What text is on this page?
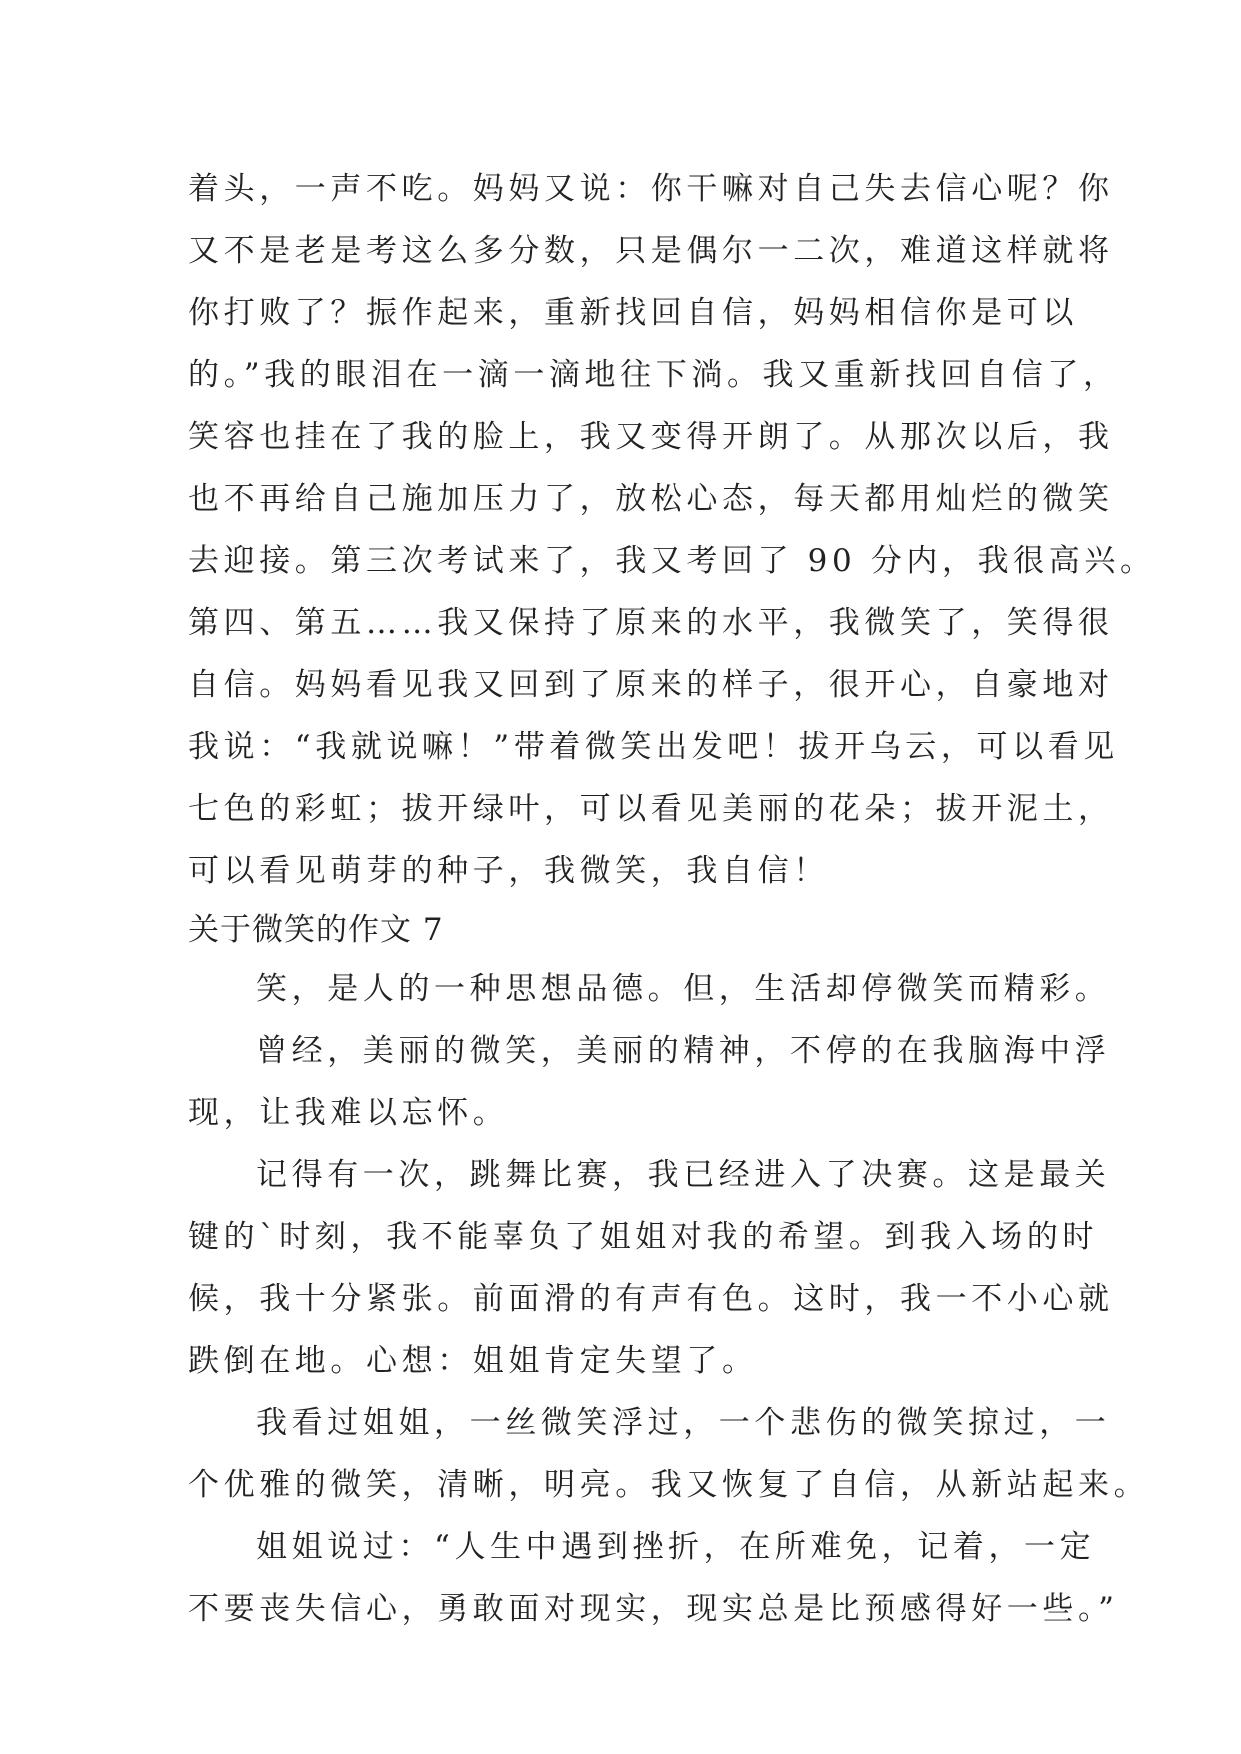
着头，一声不吃。妈妈又说：你干嘛对自己失去信心呢？你
又不是老是考这么多分数，只是偶尔一二次，难道这样就将
你打败了？振作起来，重新找回自信，妈妈相信你是可以
的。”我的眼泪在一滴一滴地往下淌。我又重新找回自信了，
笑容也挂在了我的脸上，我又变得开朗了。从那次以后，我
也不再给自己施加压力了，放松心态，每天都用灿烂的微笑
去迎接。第三次考试来了，我又考回了 90 分内，我很高兴。
第四、第五……我又保持了原来的水平，我微笑了，笑得很
自信。妈妈看见我又回到了原来的样子，很开心，自豪地对
我说：“我就说嘛！”带着微笑出发吧！拔开乌云，可以看见
七色的彩虹；拔开绿叶，可以看见美丽的花朵；拔开泥土，
可以看见萌芽的种子，我微笑，我自信！
关于微笑的作文 7
笑，是人的一种思想品德。但，生活却停微笑而精彩。
曾经，美丽的微笑，美丽的精神，不停的在我脑海中浮
现，让我难以忘怀。
记得有一次，跳舞比赛，我已经进入了决赛。这是最关
键的`时刻，我不能辜负了姐姐对我的希望。到我入场的时
候，我十分紧张。前面滑的有声有色。这时，我一不小心就
跌倒在地。心想：姐姐肯定失望了。
我看过姐姐，一丝微笑浮过，一个悲伤的微笑掠过，一
个优雅的微笑，清晰，明亮。我又恢复了自信，从新站起来。
姐姐说过：“人生中遇到挫折，在所难免，记着，一定
不要丧失信心，勇敢面对现实，现实总是比预感得好一些。”
